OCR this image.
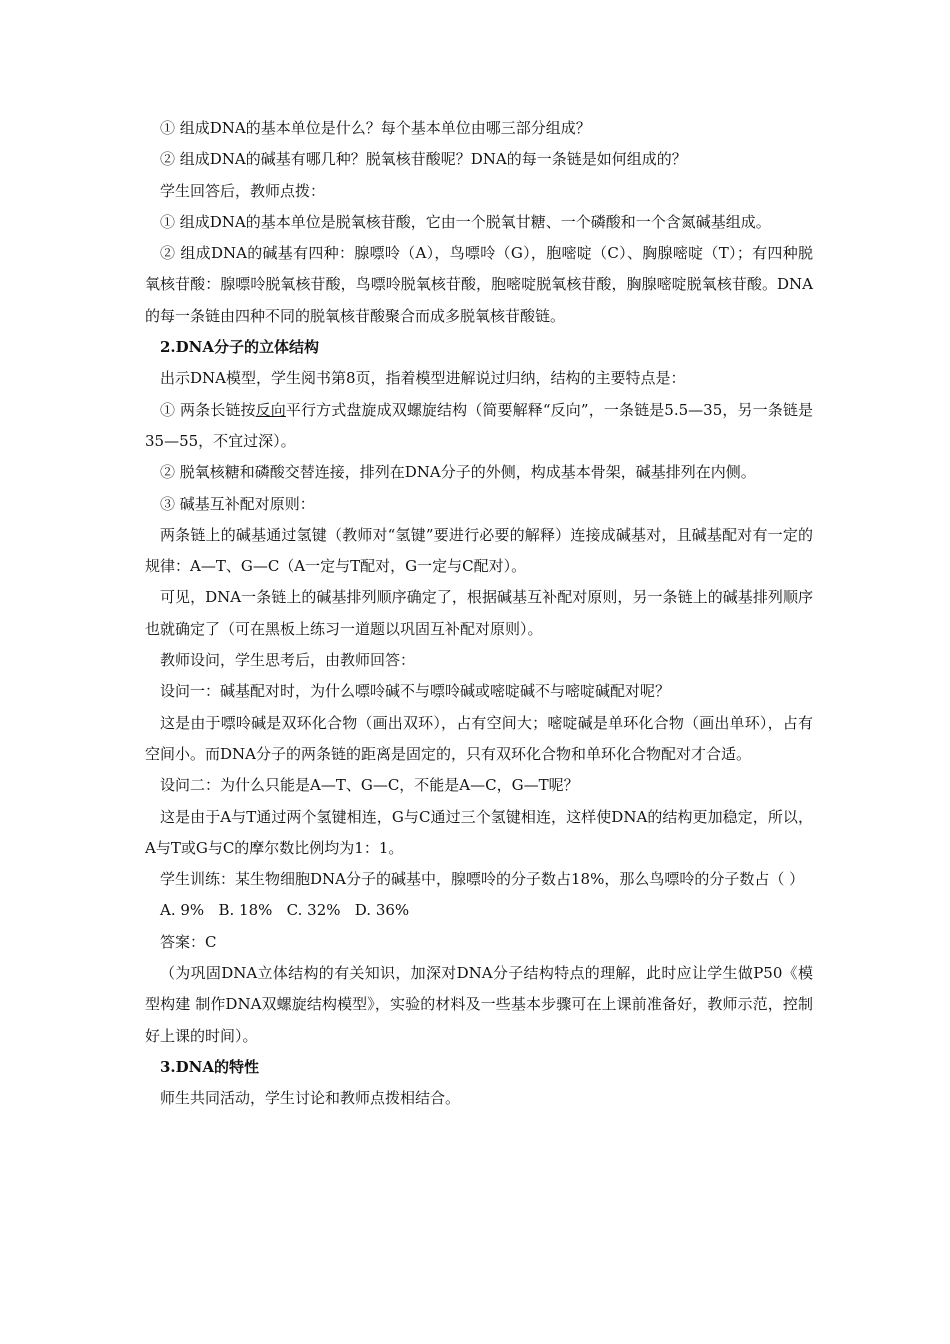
① 组成DNA的基本单位是什么？每个基本单位由哪三部分组成？

② 组成DNA的碱基有哪几种？脱氧核苷酸呢？DNA的每一条链是如何组成的？

学生回答后，教师点拨：

① 组成DNA的基本单位是脱氧核苷酸，它由一个脱氧甘糖、一个磷酸和一个含氮碱基组成。

② 组成DNA的碱基有四种：腺嘌呤（A），鸟嘌呤（G），胞嘧啶（C）、胸腺嘧啶（T）；有四种脱氧核苷酸：腺嘌呤脱氧核苷酸，鸟嘌呤脱氧核苷酸，胞嘧啶脱氧核苷酸，胸腺嘧啶脱氧核苷酸。DNA的每一条链由四种不同的脱氧核苷酸聚合而成多脱氧核苷酸链。

2.DNA分子的立体结构

出示DNA模型，学生阅书第8页，指着模型进解说过归纳，结构的主要特点是：

① 两条长链按反向平行方式盘旋成双螺旋结构（简要解释“反向”，一条链是5.5—35，另一条链是35—55，不宜过深）。

② 脱氧核糖和磷酸交替连接，排列在DNA分子的外侧，构成基本骨架，碱基排列在内侧。

③ 碱基互补配对原则：

两条链上的碱基通过氢键（教师对“氢键”要进行必要的解释）连接成碱基对，且碱基配对有一定的规律：A—T、G—C（A一定与T配对，G一定与C配对）。

可见，DNA一条链上的碱基排列顺序确定了，根据碱基互补配对原则，另一条链上的碱基排列顺序也就确定了（可在黑板上练习一道题以巩固互补配对原则）。

教师设问，学生思考后，由教师回答：

设问一：碱基配对时，为什么嘌呤碱不与嘌呤碱或嘧啶碱不与嘧啶碱配对呢？

这是由于嘌呤碱是双环化合物（画出双环），占有空间大；嘧啶碱是单环化合物（画出单环），占有空间小。而DNA分子的两条链的距离是固定的，只有双环化合物和单环化合物配对才合适。

设问二：为什么只能是A—T、G—C，不能是A—C，G—T呢？

这是由于A与T通过两个氢键相连，G与C通过三个氢键相连，这样使DNA的结构更加稳定，所以，A与T或G与C的摩尔数比例均为1：1。

学生训练：某生物细胞DNA分子的碱基中，腺嘌呤的分子数占18%，那么鸟嘌呤的分子数占（ ）

A. 9%   B. 18%   C. 32%   D. 36%

答案：C

（为巩固DNA立体结构的有关知识，加深对DNA分子结构特点的理解，此时应让学生做P50《模型构建 制作DNA双螺旋结构模型》，实验的材料及一些基本步骤可在上课前准备好，教师示范，控制好上课的时间）。

3.DNA的特性

师生共同活动，学生讨论和教师点拨相结合。
